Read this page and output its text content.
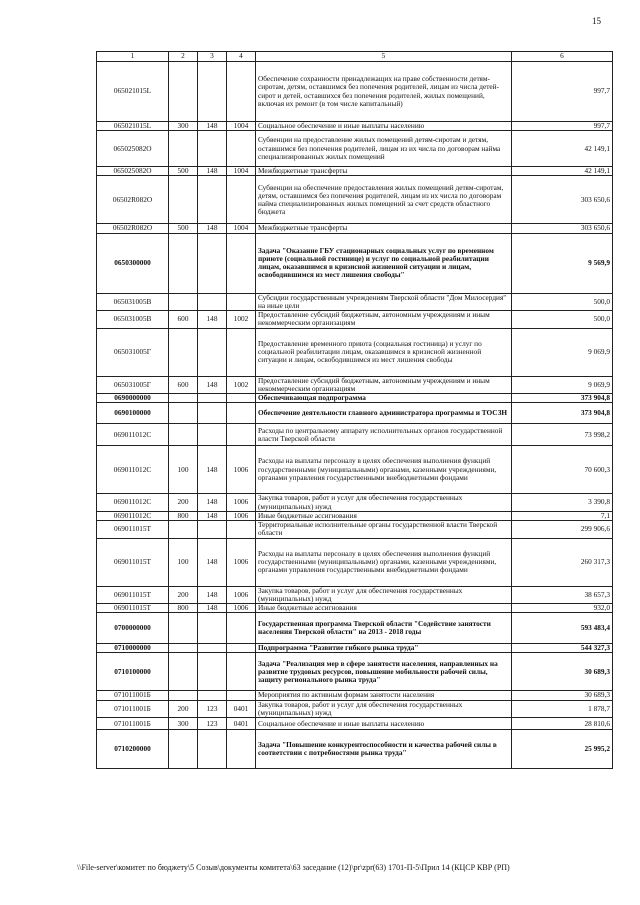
15
1	2	3	4	5	6
065021015L				Обеспечение сохранности принадлежащих на праве собственности детям-сиротам, детям, оставшимся без попечения родителей, лицам из числа детей-сирот и детей, оставшихся без попечения родителей, жилых помещений, включая их ремонт (в том числе капитальный)	997,7
065021015L	300	148	1004	Социальное обеспечение и иные выплаты населению	997,7
065025082О				Субвенции на предоставление жилых помещений детям-сиротам и детям, оставшимся без попечения родителей, лицам из их числа по договорам найма специализированных жилых помещений	42 149,1
065025082О	500	148	1004	Межбюджетные трансферты	42 149,1
06502R082О				Субвенции на обеспечение предоставления жилых помещений детям-сиротам, детям, оставшимся без попечения родителей, лицам из их числа по договорам найма специализированных жилых помещений за счет средств областного бюджета	303 650,6
06502R082О	500	148	1004	Межбюджетные трансферты	303 650,6
0650300000				Задача "Оказание ГБУ стационарных социальных услуг по временном приюте (социальной гостинице) и услуг по социальной реабилитации лицам, оказавшимся в кризисной жизненной ситуации и лицам, освободившимся из мест лишения свободы"	9 569,9
065031005В				Субсидии государственным учреждениям Тверской области "Дом Милосердия" на иные цели	500,0
065031005В	600	148	1002	Предоставление субсидий бюджетным, автономным учреждениям и иным некоммерческим организациям	500,0
065031005Г				Предоставление временного приюта (социальная гостиница) и услуг по социальной реабилитации лицам, оказавшимся в кризисной жизненной ситуации и лицам, освободившимся из мест лишения свободы	9 069,9
065031005Г	600	148	1002	Предоставление субсидий бюджетным, автономным учреждениям и иным некоммерческим организациям	9 069,9
0690000000				Обеспечивающая подпрограмма	373 904,8
0690100000				Обеспечение деятельности главного администратора программы и ТОСЗН	373 904,8
069011012С				Расходы по центральному аппарату исполнительных органов государственной власти Тверской области	73 998,2
069011012С	100	148	1006	Расходы на выплаты персоналу в целях обеспечения выполнения функций государственными (муниципальными) органами, казенными учреждениями, органами управления государственными внебюджетными фондами	70 600,3
069011012С	200	148	1006	Закупка товаров, работ и услуг для обеспечения государственных (муниципальных) нужд	3 390,8
069011012С	800	148	1006	Иные бюджетные ассигнования	7,1
069011015Т				Территориальные исполнительные органы государственной власти Тверской области	299 906,6
069011015Т	100	148	1006	Расходы на выплаты персоналу в целях обеспечения выполнения функций государственными (муниципальными) органами, казенными учреждениями, органами управления государственными внебюджетными фондами	260 317,3
069011015Т	200	148	1006	Закупка товаров, работ и услуг для обеспечения государственных (муниципальных) нужд	38 657,3
069011015Т	800	148	1006	Иные бюджетные ассигнования	932,0
0700000000				Государственная программа Тверской области "Содействие занятости населения Тверской области" на 2013 - 2018 годы	593 483,4
0710000000				Подпрограмма "Развитие гибкого рынка труда"	544 327,3
0710100000				Задача "Реализация мер в сфере занятости населения, направленных на развитие трудовых ресурсов, повышение мобильности рабочей силы, защиту регионального рынка труда"	30 689,3
071011001Б				Мероприятия по активным формам занятости населения	30 689,3
071011001Б	200	123	0401	Закупка товаров, работ и услуг для обеспечения государственных (муниципальных) нужд	1 878,7
071011001Б	300	123	0401	Социальное обеспечение и иные выплаты населению	28 810,6
0710200000				Задача "Повышение конкурентоспособности и качества рабочей силы в соответствии с потребностями рынка труда"	25 995,2
\\File-server\комитет по бюджету\5 Созыв\документы комитета\63 заседание (12)\pr\zpr(63) 1701-П-5\Прил 14 (КЦСР КВР (РП)
